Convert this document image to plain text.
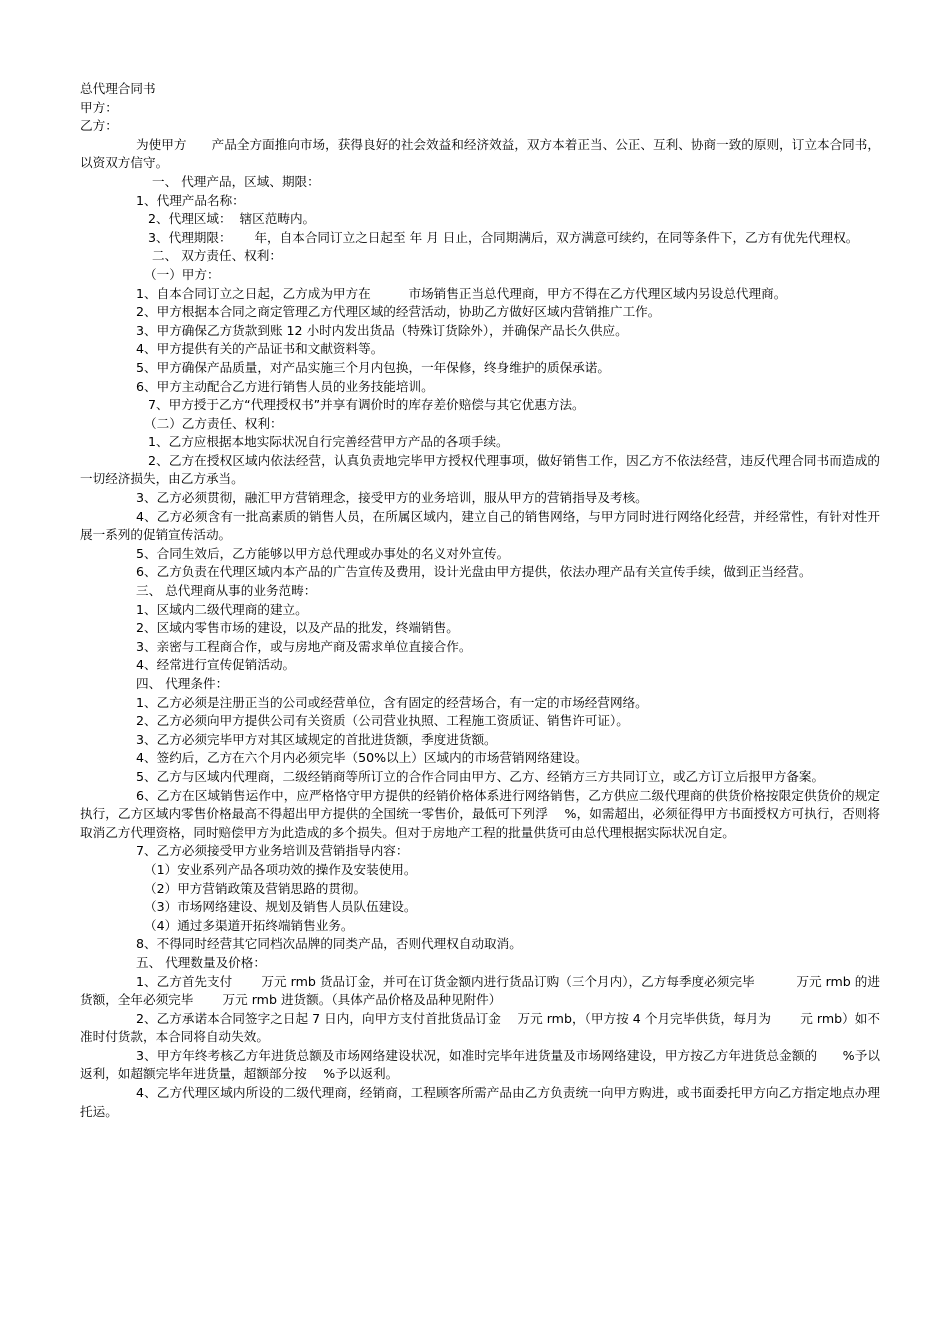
总代理合同书

甲方：

乙方：

为使甲方　　产品全方面推向市场，获得良好的社会效益和经济效益，双方本着正当、公正、互利、协商一致的原则，订立本合同书，以资双方信守。

一、 代理产品，区域、期限：

1、代理产品名称：

2、代理区域：  辖区范畴内。

3、代理期限：　　 年，自本合同订立之日起至 年 月 日止，合同期满后，双方满意可续约，在同等条件下，乙方有优先代理权。

二、 双方责任、权利：

（一）甲方：

1、自本合同订立之日起，乙方成为甲方在　　　市场销售正当总代理商，甲方不得在乙方代理区域内另设总代理商。

2、甲方根据本合同之商定管理乙方代理区域的经营活动，协助乙方做好区域内营销推广工作。

3、甲方确保乙方货款到账 12 小时内发出货品（特殊订货除外），并确保产品长久供应。

4、甲方提供有关的产品证书和文献资料等。

5、甲方确保产品质量，对产品实施三个月内包换，一年保修，终身维护的质保承诺。

6、甲方主动配合乙方进行销售人员的业务技能培训。

7、甲方授于乙方“代理授权书”并享有调价时的库存差价赔偿与其它优惠方法。

（二）乙方责任、权利：

1、乙方应根据本地实际状况自行完善经营甲方产品的各项手续。

2、乙方在授权区域内依法经营，认真负责地完毕甲方授权代理事项，做好销售工作，因乙方不依法经营，违反代理合同书而造成的一切经济损失，由乙方承当。

3、乙方必须贯彻，融汇甲方营销理念，接受甲方的业务培训，服从甲方的营销指导及考核。

4、乙方必须含有一批高素质的销售人员，在所属区域内，建立自己的销售网络，与甲方同时进行网络化经营，并经常性，有针对性开展一系列的促销宣传活动。

5、合同生效后，乙方能够以甲方总代理或办事处的名义对外宣传。

6、乙方负责在代理区域内本产品的广告宣传及费用，设计光盘由甲方提供，依法办理产品有关宣传手续，做到正当经营。

三、 总代理商从事的业务范畴：

1、区域内二级代理商的建立。

2、区域内零售市场的建设，以及产品的批发，终端销售。

3、亲密与工程商合作，或与房地产商及需求单位直接合作。

4、经常进行宣传促销活动。

四、 代理条件：

1、乙方必须是注册正当的公司或经营单位，含有固定的经营场合，有一定的市场经营网络。

2、乙方必须向甲方提供公司有关资质（公司营业执照、工程施工资质证、销售许可证）。

3、乙方必须完毕甲方对其区域规定的首批进货额，季度进货额。

4、签约后，乙方在六个月内必须完毕（50%以上）区域内的市场营销网络建设。

5、乙方与区域内代理商，二级经销商等所订立的合作合同由甲方、乙方、经销方三方共同订立，或乙方订立后报甲方备案。

6、乙方在区域销售运作中，应严格恪守甲方提供的经销价格体系进行网络销售，乙方供应二级代理商的供货价格按限定供货价的规定执行，乙方区域内零售价格最高不得超出甲方提供的全国统一零售价，最低可下列浮　 %，如需超出，必须征得甲方书面授权方可执行，否则将取消乙方代理资格，同时赔偿甲方为此造成的多个损失。但对于房地产工程的批量供货可由总代理根据实际状况自定。

7、乙方必须接受甲方业务培训及营销指导内容：

（1）安业系列产品各项功效的操作及安装使用。

（2）甲方营销政策及营销思路的贯彻。

（3）市场网络建设、规划及销售人员队伍建设。

（4）通过多渠道开拓终端销售业务。

8、不得同时经营其它同档次品牌的同类产品，否则代理权自动取消。

五、 代理数量及价格：

1、乙方首先支付　　 万元 rmb 货品订金，并可在订货金额内进行货品订购（三个月内），乙方每季度必须完毕　　　 万元 rmb 的进货额，全年必须完毕　　 万元 rmb 进货额。（具体产品价格及品种见附件）

2、乙方承诺本合同签字之日起 7 日内，向甲方支付首批货品订金　 万元 rmb，（甲方按 4 个月完毕供货，每月为　　 元 rmb）如不准时付货款，本合同将自动失效。

3、甲方年终考核乙方年进货总额及市场网络建设状况，如准时完毕年进货量及市场网络建设，甲方按乙方年进货总金额的　　%予以返利，如超额完毕年进货量，超额部分按　 %予以返利。

4、乙方代理区域内所设的二级代理商，经销商，工程顾客所需产品由乙方负责统一向甲方购进，或书面委托甲方向乙方指定地点办理托运。
